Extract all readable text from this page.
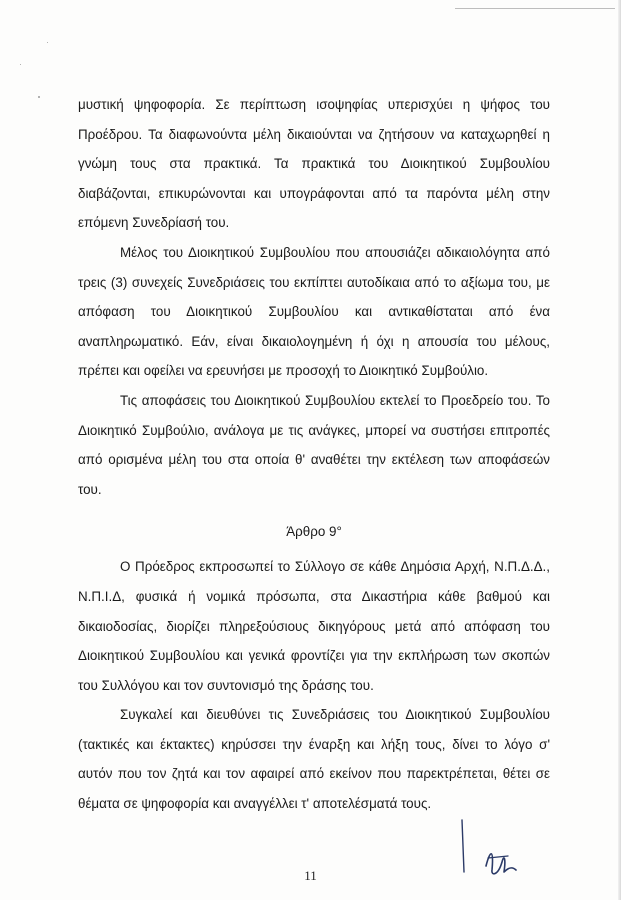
μυστική ψηφοφορία. Σε περίπτωση ισοψηφίας υπερισχύει η ψήφος του Προέδρου. Τα διαφωνούντα μέλη δικαιούνται να ζητήσουν να καταχωρηθεί η γνώμη τους στα πρακτικά. Τα πρακτικά του Διοικητικού Συμβουλίου διαβάζονται, επικυρώνονται και υπογράφονται από τα παρόντα μέλη στην επόμενη Συνεδρίασή του.

Μέλος του Διοικητικού Συμβουλίου που απουσιάζει αδικαιολόγητα από τρεις (3) συνεχείς Συνεδριάσεις του εκπίπτει αυτοδίκαια από το αξίωμα του, με απόφαση του Διοικητικού Συμβουλίου και αντικαθίσταται από ένα αναπληρωματικό. Εάν, είναι δικαιολογημένη ή όχι η απουσία του μέλους, πρέπει και οφείλει να ερευνήσει με προσοχή το Διοικητικό Συμβούλιο.

Τις αποφάσεις του Διοικητικού Συμβουλίου εκτελεί το Προεδρείο του. Το Διοικητικό Συμβούλιο, ανάλογα με τις ανάγκες, μπορεί να συστήσει επιτροπές από ορισμένα μέλη του στα οποία θ' αναθέτει την εκτέλεση των αποφάσεών του.

Άρθρο 9°

Ο Πρόεδρος εκπροσωπεί το Σύλλογο σε κάθε Δημόσια Αρχή, Ν.Π.Δ.Δ., Ν.Π.Ι.Δ, φυσικά ή νομικά πρόσωπα, στα Δικαστήρια κάθε βαθμού και δικαιοδοσίας, διορίζει πληρεξούσιους δικηγόρους μετά από απόφαση του Διοικητικού Συμβουλίου και γενικά φροντίζει για την εκπλήρωση των σκοπών του Συλλόγου και τον συντονισμό της δράσης του.

Συγκαλεί και διευθύνει τις Συνεδριάσεις του Διοικητικού Συμβουλίου (τακτικές και έκτακτες) κηρύσσει την έναρξη και λήξη τους, δίνει το λόγο σ' αυτόν που τον ζητά και τον αφαιρεί από εκείνον που παρεκτρέπεται, θέτει σε θέματα σε ψηφοφορία και αναγγέλλει τ' αποτελέσματά τους.

11
